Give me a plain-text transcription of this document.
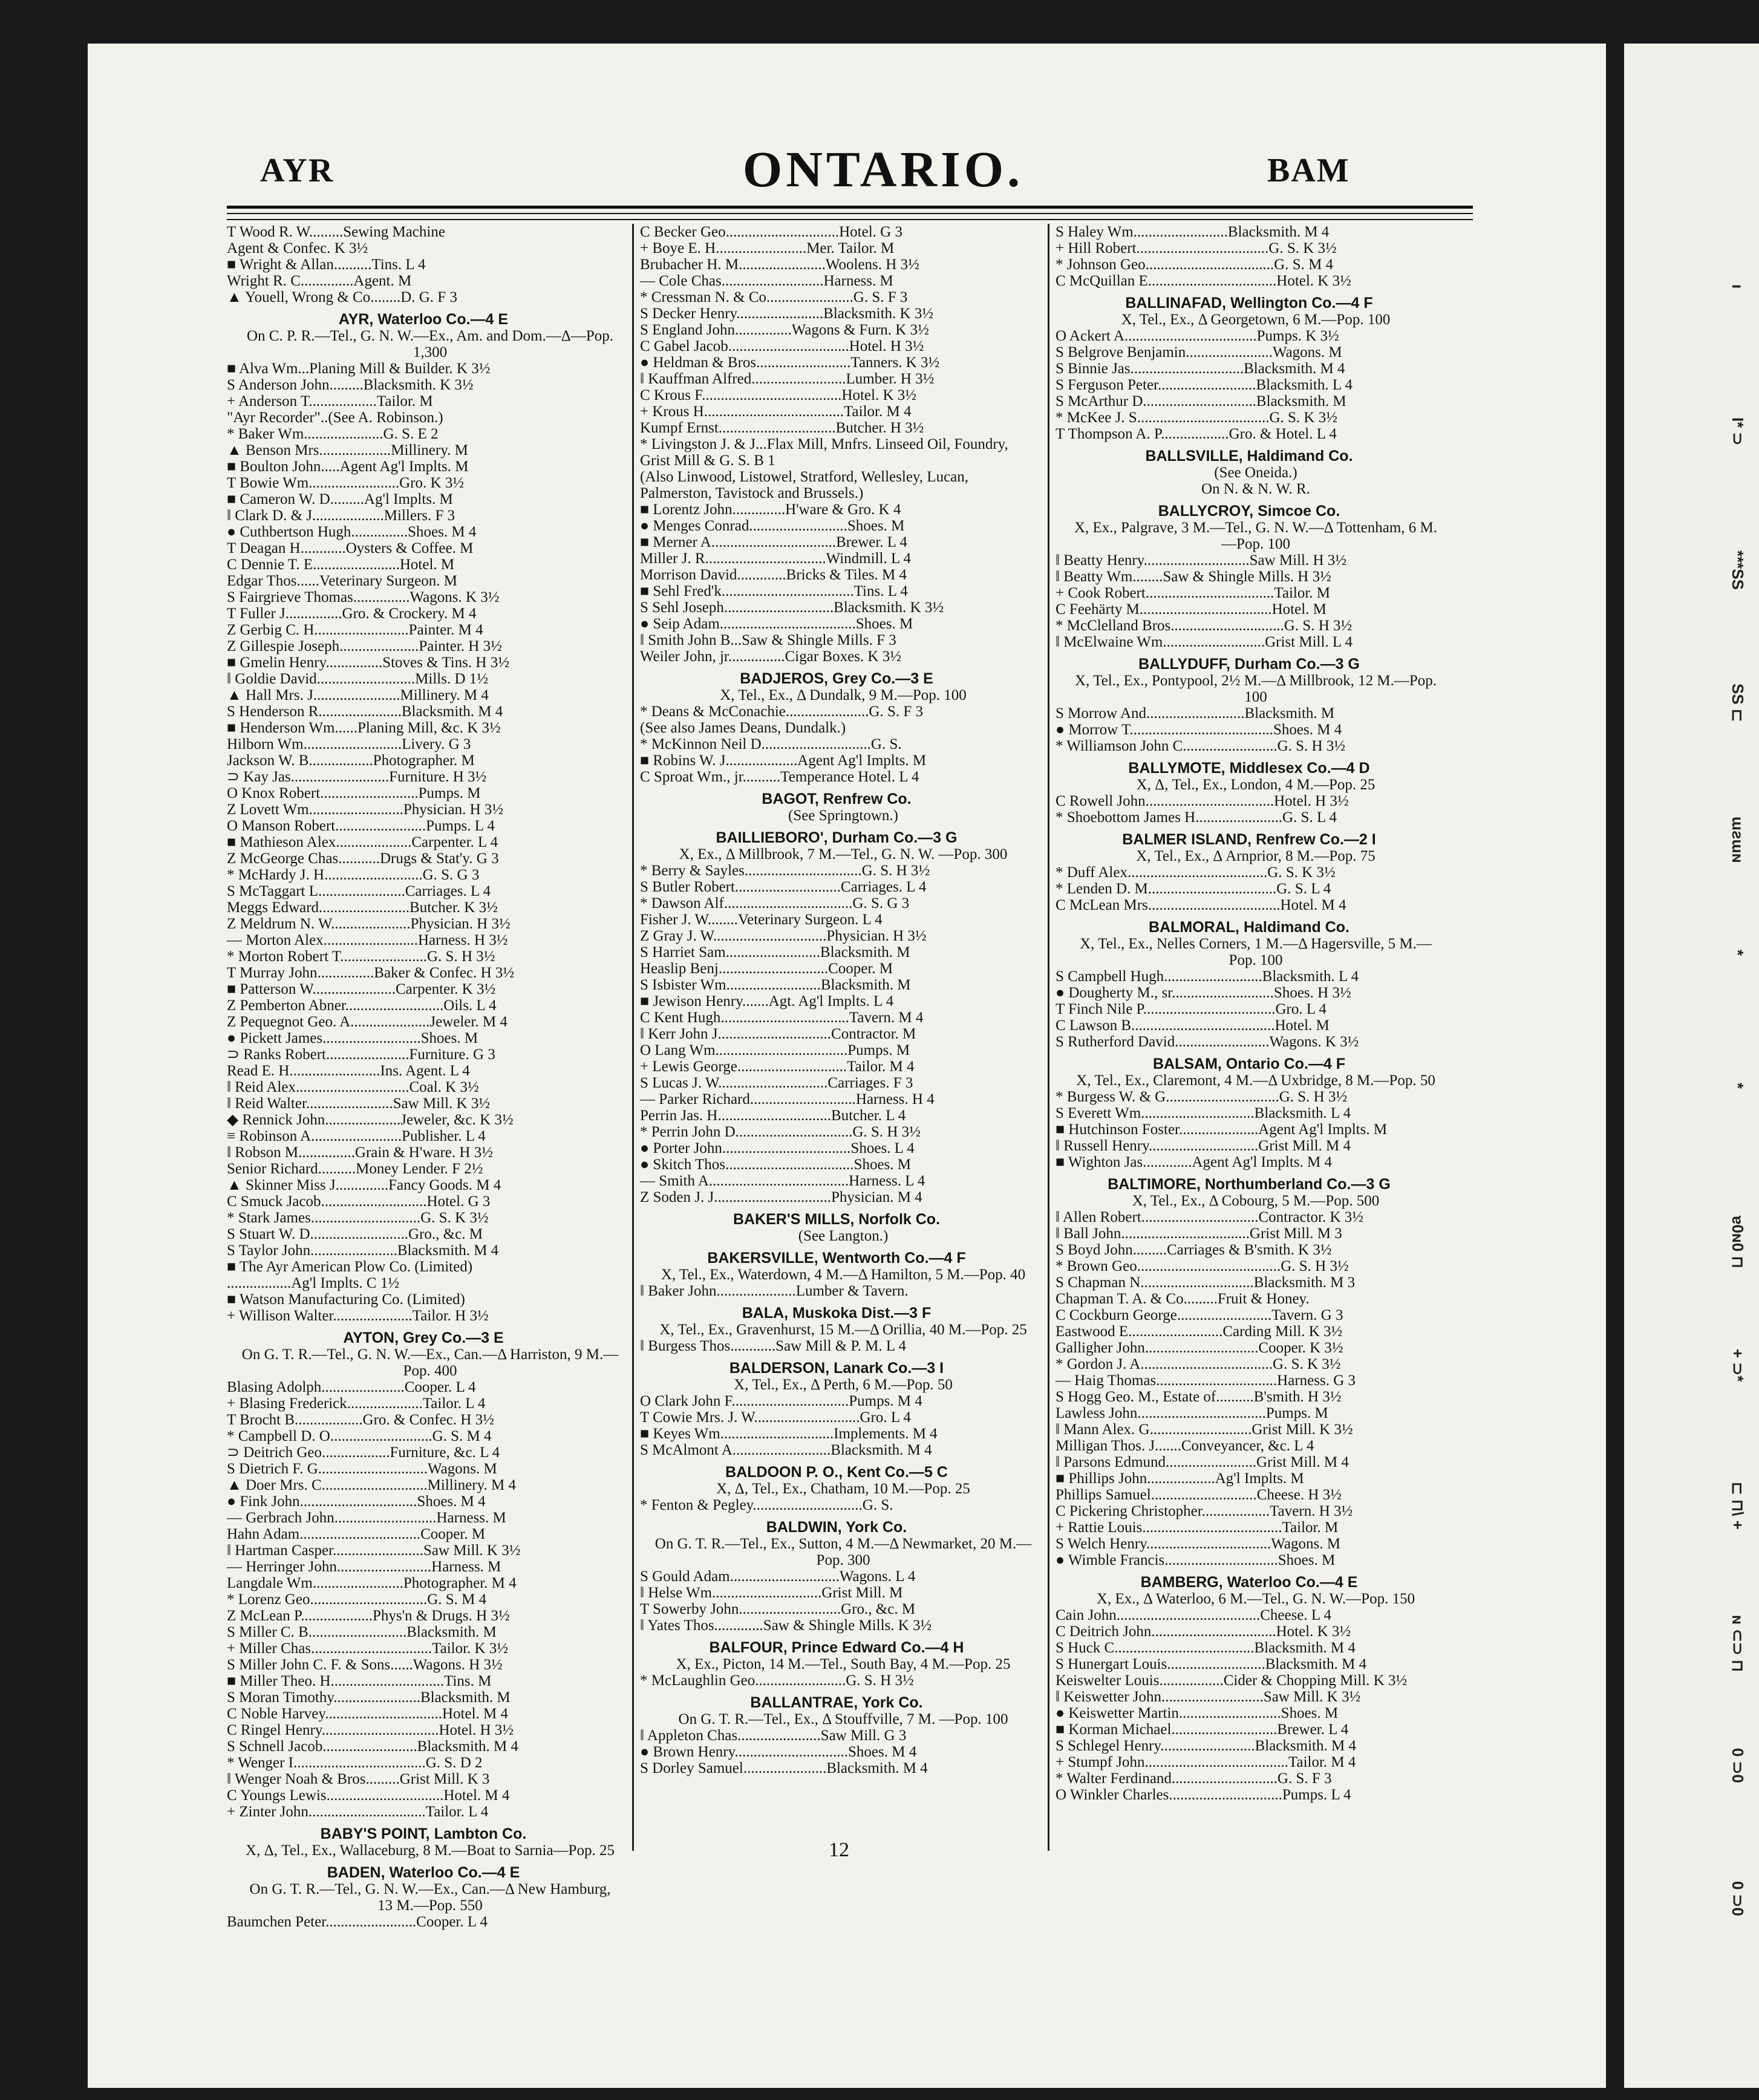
AYR	ONTARIO.	BAM
T Wood R. W.........Sewing Machine
Agent & Confec. K 3½
■ Wright & Allan..........Tins. L 4
Wright R. C..............Agent. M
▲ Youell, Wrong & Co........D. G. F 3
AYR, Waterloo Co.—4 E
On C. P. R.—Tel., G. N. W.—Ex., Am. and Dom.—Δ—Pop. 1,300
■ Alva Wm...Planing Mill & Builder. K 3½
S Anderson John.........Blacksmith. K 3½
+ Anderson T..................Tailor. M
"Ayr Recorder"..(See A. Robinson.)
* Baker Wm.....................G. S. E 2
▲ Benson Mrs...................Millinery. M
■ Boulton John.....Agent Ag'l Implts. M
T Bowie Wm........................Gro. K 3½
■ Cameron W. D.........Ag'l Implts. M
‖ Clark D. & J...................Millers. F 3
● Cuthbertson Hugh...............Shoes. M 4
T Deagan H............Oysters & Coffee. M
C Dennie T. E.......................Hotel. M
Edgar Thos......Veterinary Surgeon. M
S Fairgrieve Thomas...............Wagons. K 3½
T Fuller J...............Gro. & Crockery. M 4
Z Gerbig C. H.........................Painter. M 4
Z Gillespie Joseph.....................Painter. H 3½
■ Gmelin Henry...............Stoves & Tins. H 3½
‖ Goldie David..........................Mills. D 1½
▲ Hall Mrs. J.......................Millinery. M 4
S Henderson R......................Blacksmith. M 4
■ Henderson Wm......Planing Mill, &c. K 3½
Hilborn Wm..........................Livery. G 3
Jackson W. B.................Photographer. M
⊃ Kay Jas..........................Furniture. H 3½
O Knox Robert..........................Pumps. M
Z Lovett Wm.........................Physician. H 3½
O Manson Robert........................Pumps. L 4
■ Mathieson Alex....................Carpenter. L 4
Z McGeorge Chas...........Drugs & Stat'y. G 3
* McHardy J. H..........................G. S. G 3
S McTaggart L.......................Carriages. L 4
Meggs Edward........................Butcher. K 3½
Z Meldrum N. W.....................Physician. H 3½
— Morton Alex.........................Harness. H 3½
* Morton Robert T.......................G. S. H 3½
T Murray John...............Baker & Confec. H 3½
■ Patterson W......................Carpenter. K 3½
Z Pemberton Abner..........................Oils. L 4
Z Pequegnot Geo. A.....................Jeweler. M 4
● Pickett James..........................Shoes. M
⊃ Ranks Robert......................Furniture. G 3
Read E. H........................Ins. Agent. L 4
‖ Reid Alex..............................Coal. K 3½
‖ Reid Walter.......................Saw Mill. K 3½
◆ Rennick John....................Jeweler, &c. K 3½
≡ Robinson A........................Publisher. L 4
‖ Robson M...............Grain & H'ware. H 3½
Senior Richard..........Money Lender. F 2½
▲ Skinner Miss J..............Fancy Goods. M 4
C Smuck Jacob............................Hotel. G 3
* Stark James.............................G. S. K 3½
S Stuart W. D..........................Gro., &c. M
S Taylor John.......................Blacksmith. M 4
■ The Ayr American Plow Co. (Limited)
.................Ag'l Implts. C 1½
■ Watson Manufacturing Co. (Limited)
+ Willison Walter.....................Tailor. H 3½
AYTON, Grey Co.—3 E
On G. T. R.—Tel., G. N. W.—Ex., Can.—Δ Harriston, 9 M.—Pop. 400
Blasing Adolph......................Cooper. L 4
+ Blasing Frederick....................Tailor. L 4
T Brocht B..................Gro. & Confec. H 3½
* Campbell D. O...........................G. S. M 4
⊃ Deitrich Geo..................Furniture, &c. L 4
S Dietrich F. G.............................Wagons. M
▲ Doer Mrs. C............................Millinery. M 4
● Fink John...............................Shoes. M 4
— Gerbrach John...........................Harness. M
Hahn Adam................................Cooper. M
‖ Hartman Casper........................Saw Mill. K 3½
— Herringer John.........................Harness. M
Langdale Wm........................Photographer. M 4
* Lorenz Geo...............................G. S. M 4
Z McLean P...................Phys'n & Drugs. H 3½
S Miller C. B..........................Blacksmith. M
+ Miller Chas................................Tailor. K 3½
S Miller John C. F. & Sons......Wagons. H 3½
■ Miller Theo. H..............................Tins. M
S Moran Timothy.......................Blacksmith. M
C Noble Harvey...............................Hotel. M 4
C Ringel Henry...............................Hotel. H 3½
S Schnell Jacob.........................Blacksmith. M 4
* Wenger I...................................G. S. D 2
‖ Wenger Noah & Bros.........Grist Mill. K 3
C Youngs Lewis...............................Hotel. M 4
+ Zinter John...............................Tailor. L 4
BABY'S POINT, Lambton Co.
X, Δ, Tel., Ex., Wallaceburg, 8 M.—Boat to Sarnia—Pop. 25
BADEN, Waterloo Co.—4 E
On G. T. R.—Tel., G. N. W.—Ex., Can.—Δ New Hamburg, 13 M.—Pop. 550
Baumchen Peter........................Cooper. L 4
C Becker Geo..............................Hotel. G 3
+ Boye E. H........................Mer. Tailor. M
Brubacher H. M.......................Woolens. H 3½
— Cole Chas...........................Harness. M
* Cressman N. & Co.......................G. S. F 3
S Decker Henry.......................Blacksmith. K 3½
S England John...............Wagons & Furn. K 3½
C Gabel Jacob................................Hotel. H 3½
● Heldman & Bros.........................Tanners. K 3½
‖ Kauffman Alfred.........................Lumber. H 3½
C Krous F.....................................Hotel. K 3½
+ Krous H.....................................Tailor. M 4
Kumpf Ernst...............................Butcher. H 3½
* Livingston J. & J...Flax Mill, Mnfrs. Linseed Oil, Foundry, Grist Mill & G. S. B 1
(Also Linwood, Listowel, Stratford, Wellesley, Lucan, Palmerston, Tavistock and Brussels.)
■ Lorentz John..............H'ware & Gro. K 4
● Menges Conrad..........................Shoes. M
■ Merner A.................................Brewer. L 4
Miller J. R................................Windmill. L 4
Morrison David.............Bricks & Tiles. M 4
■ Sehl Fred'k...................................Tins. L 4
S Sehl Joseph.............................Blacksmith. K 3½
● Seip Adam....................................Shoes. M
‖ Smith John B...Saw & Shingle Mills. F 3
Weiler John, jr...............Cigar Boxes. K 3½
BADJEROS, Grey Co.—3 E
X, Tel., Ex., Δ Dundalk, 9 M.—Pop. 100
* Deans & McConachie......................G. S. F 3
(See also James Deans, Dundalk.)
* McKinnon Neil D.............................G. S.
■ Robins W. J...................Agent Ag'l Implts. M
C Sproat Wm., jr..........Temperance Hotel. L 4
BAGOT, Renfrew Co.
(See Springtown.)
BAILLIEBORO', Durham Co.—3 G
X, Ex., Δ Millbrook, 7 M.—Tel., G. N. W. —Pop. 300
* Berry & Sayles...............................G. S. H 3½
S Butler Robert............................Carriages. L 4
* Dawson Alf..................................G. S. G 3
Fisher J. W........Veterinary Surgeon. L 4
Z Gray J. W..............................Physician. H 3½
S Harriet Sam.........................Blacksmith. M
Heaslip Benj.............................Cooper. M
S Isbister Wm.........................Blacksmith. M
■ Jewison Henry.......Agt. Ag'l Implts. L 4
C Kent Hugh..................................Tavern. M 4
‖ Kerr John J..............................Contractor. M
O Lang Wm...................................Pumps. M
+ Lewis George.............................Tailor. M 4
S Lucas J. W.............................Carriages. F 3
— Parker Richard............................Harness. H 4
Perrin Jas. H..............................Butcher. L 4
* Perrin John D...............................G. S. H 3½
● Porter John..................................Shoes. L 4
● Skitch Thos..................................Shoes. M
— Smith A.....................................Harness. L 4
Z Soden J. J...............................Physician. M 4
BAKER'S MILLS, Norfolk Co.
(See Langton.)
BAKERSVILLE, Wentworth Co.—4 F
X, Tel., Ex., Waterdown, 4 M.—Δ Hamilton, 5 M.—Pop. 40
‖ Baker John.....................Lumber & Tavern.
BALA, Muskoka Dist.—3 F
X, Tel., Ex., Gravenhurst, 15 M.—Δ Orillia, 40 M.—Pop. 25
‖ Burgess Thos............Saw Mill & P. M. L 4
BALDERSON, Lanark Co.—3 I
X, Tel., Ex., Δ Perth, 6 M.—Pop. 50
O Clark John F...............................Pumps. M 4
T Cowie Mrs. J. W............................Gro. L 4
■ Keyes Wm..............................Implements. M 4
S McAlmont A..........................Blacksmith. M 4
BALDOON P. O., Kent Co.—5 C
X, Δ, Tel., Ex., Chatham, 10 M.—Pop. 25
* Fenton & Pegley.............................G. S.
BALDWIN, York Co.
On G. T. R.—Tel., Ex., Sutton, 4 M.—Δ Newmarket, 20 M.—Pop. 300
S Gould Adam.............................Wagons. L 4
‖ Helse Wm.............................Grist Mill. M
T Sowerby John...........................Gro., &c. M
‖ Yates Thos.............Saw & Shingle Mills. K 3½
BALFOUR, Prince Edward Co.—4 H
X, Ex., Picton, 14 M.—Tel., South Bay, 4 M.—Pop. 25
* McLaughlin Geo........................G. S. H 3½
BALLANTRAE, York Co.
On G. T. R.—Tel., Ex., Δ Stouffville, 7 M. —Pop. 100
‖ Appleton Chas......................Saw Mill. G 3
● Brown Henry..............................Shoes. M 4
S Dorley Samuel......................Blacksmith. M 4
S Haley Wm.........................Blacksmith. M 4
+ Hill Robert...................................G. S. K 3½
* Johnson Geo..................................G. S. M 4
C McQuillan E..................................Hotel. K 3½
BALLINAFAD, Wellington Co.—4 F
X, Tel., Ex., Δ Georgetown, 6 M.—Pop. 100
O Ackert A...................................Pumps. K 3½
S Belgrove Benjamin.......................Wagons. M
S Binnie Jas..............................Blacksmith. M 4
S Ferguson Peter..........................Blacksmith. L 4
S McArthur D..............................Blacksmith. M
* McKee J. S...................................G. S. K 3½
T Thompson A. P..................Gro. & Hotel. L 4
BALLSVILLE, Haldimand Co.
(See Oneida.)
On N. & N. W. R.
BALLYCROY, Simcoe Co.
X, Ex., Palgrave, 3 M.—Tel., G. N. W.—Δ Tottenham, 6 M.—Pop. 100
‖ Beatty Henry............................Saw Mill. H 3½
‖ Beatty Wm........Saw & Shingle Mills. H 3½
+ Cook Robert..................................Tailor. M
C Feehärty M...................................Hotel. M
* McClelland Bros..............................G. S. H 3½
‖ McElwaine Wm...........................Grist Mill. L 4
BALLYDUFF, Durham Co.—3 G
X, Tel., Ex., Pontypool, 2½ M.—Δ Millbrook, 12 M.—Pop. 100
S Morrow And..........................Blacksmith. M
● Morrow T......................................Shoes. M 4
* Williamson John C.........................G. S. H 3½
BALLYMOTE, Middlesex Co.—4 D
X, Δ, Tel., Ex., London, 4 M.—Pop. 25
C Rowell John..................................Hotel. H 3½
* Shoebottom James H.......................G. S. L 4
BALMER ISLAND, Renfrew Co.—2 I
X, Tel., Ex., Δ Arnprior, 8 M.—Pop. 75
* Duff Alex.....................................G. S. K 3½
* Lenden D. M..................................G. S. L 4
C McLean Mrs...................................Hotel. M 4
BALMORAL, Haldimand Co.
X, Tel., Ex., Nelles Corners, 1 M.—Δ Hagersville, 5 M.—Pop. 100
S Campbell Hugh..........................Blacksmith. L 4
● Dougherty M., sr...........................Shoes. H 3½
T Finch Nile P...................................Gro. L 4
C Lawson B......................................Hotel. M
S Rutherford David.........................Wagons. K 3½
BALSAM, Ontario Co.—4 F
X, Tel., Ex., Claremont, 4 M.—Δ Uxbridge, 8 M.—Pop. 50
* Burgess W. & G..............................G. S. H 3½
S Everett Wm..............................Blacksmith. L 4
■ Hutchinson Foster.....................Agent Ag'l Implts. M
‖ Russell Henry.............................Grist Mill. M 4
■ Wighton Jas.............Agent Ag'l Implts. M 4
BALTIMORE, Northumberland Co.—3 G
X, Tel., Ex., Δ Cobourg, 5 M.—Pop. 500
‖ Allen Robert...............................Contractor. K 3½
‖ Ball John..................................Grist Mill. M 3
S Boyd John.........Carriages & B'smith. K 3½
* Brown Geo......................................G. S. H 3½
S Chapman N..............................Blacksmith. M 3
Chapman T. A. & Co.........Fruit & Honey.
C Cockburn George.........................Tavern. G 3
Eastwood E.........................Carding Mill. K 3½
Galligher John..............................Cooper. K 3½
* Gordon J. A...................................G. S. K 3½
— Haig Thomas................................Harness. G 3
S Hogg Geo. M., Estate of..........B'smith. H 3½
Lawless John..................................Pumps. M
‖ Mann Alex. G...........................Grist Mill. K 3½
Milligan Thos. J.......Conveyancer, &c. L 4
‖ Parsons Edmund........................Grist Mill. M 4
■ Phillips John..................Ag'l Implts. M
Phillips Samuel............................Cheese. H 3½
C Pickering Christopher..................Tavern. H 3½
+ Rattie Louis.....................................Tailor. M
S Welch Henry.................................Wagons. M
● Wimble Francis..............................Shoes. M
BAMBERG, Waterloo Co.—4 E
X, Ex., Δ Waterloo, 6 M.—Tel., G. N. W.—Pop. 150
Cain John......................................Cheese. L 4
C Deitrich John.................................Hotel. K 3½
S Huck C.....................................Blacksmith. M 4
S Hunergart Louis..........................Blacksmith. M 4
Keiswelter Louis.................Cider & Chopping Mill. K 3½
‖ Keiswetter John...........................Saw Mill. K 3½
● Keiswetter Martin...........................Shoes. M
■ Korman Michael............................Brewer. L 4
S Schlegel Henry.........................Blacksmith. M 4
+ Stumpf John......................................Tailor. M 4
* Walter Ferdinand............................G. S. F 3
O Winkler Charles..............................Pumps. L 4
12
ı
I* ⊃
***SS
SS ⊏
ɯƨɯɴ
*
*
ɐ0ɴ0 ⊓
+ ⊃*
⊏ ⊓\ +
ɴ ⊂⊃ ⊓
0 ⊃0
0 ⊃0
